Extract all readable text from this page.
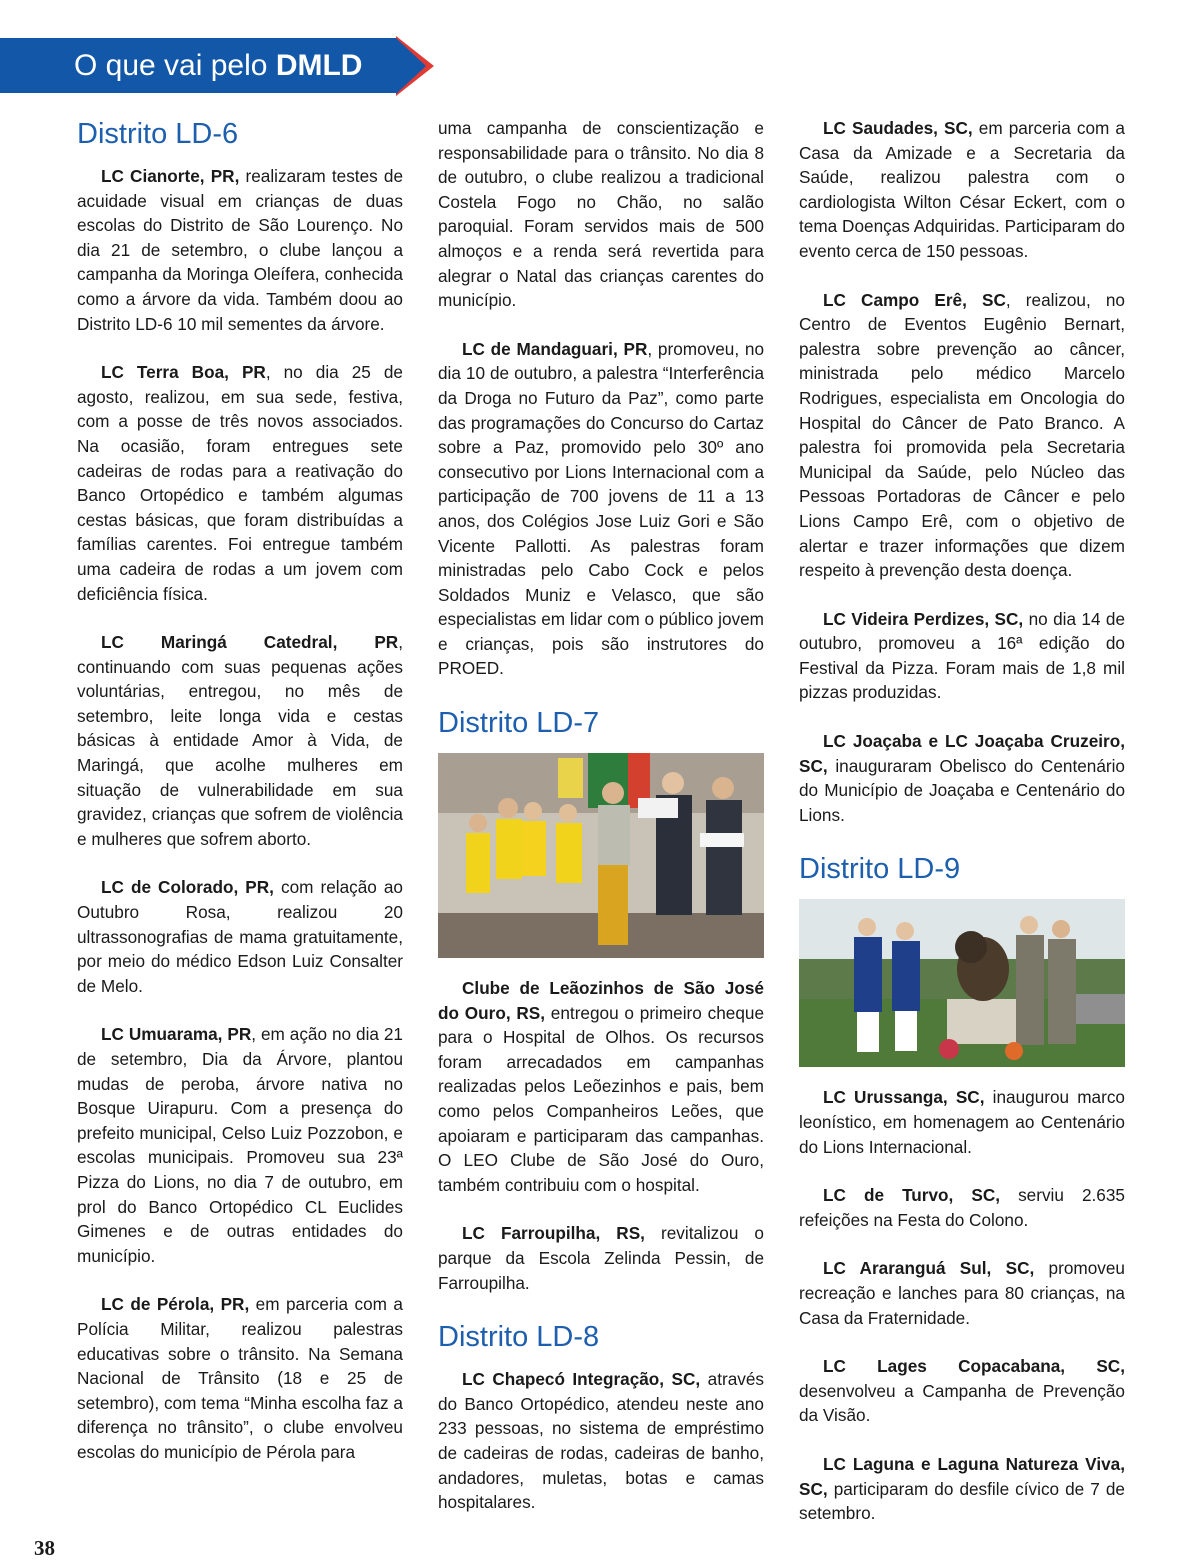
O que vai pelo DMLD
Distrito LD-6

LC Cianorte, PR, realizaram testes de acuidade visual em crianças de duas escolas do Distrito de São Lourenço. No dia 21 de setembro, o clube lançou a campanha da Moringa Oleífera, conhecida como a árvore da vida. Também doou ao Distrito LD-6 10 mil sementes da árvore.

LC Terra Boa, PR, no dia 25 de agosto, realizou, em sua sede, festiva, com a posse de três novos associados. Na ocasião, foram entregues sete cadeiras de rodas para a reativação do Banco Ortopédico e também algumas cestas básicas, que foram distribuídas a famílias carentes. Foi entregue também uma cadeira de rodas a um jovem com deficiência física.

LC Maringá Catedral, PR, continuando com suas pequenas ações voluntárias, entregou, no mês de setembro, leite longa vida e cestas básicas à entidade Amor à Vida, de Maringá, que acolhe mulheres em situação de vulnerabilidade em sua gravidez, crianças que sofrem de violência e mulheres que sofrem aborto.

LC de Colorado, PR, com relação ao Outubro Rosa, realizou 20 ultrassonografias de mama gratuitamente, por meio do médico Edson Luiz Consalter de Melo.

LC Umuarama, PR, em ação no dia 21 de setembro, Dia da Árvore, plantou mudas de peroba, árvore nativa no Bosque Uirapuru. Com a presença do prefeito municipal, Celso Luiz Pozzobon, e escolas municipais. Promoveu sua 23ª Pizza do Lions, no dia 7 de outubro, em prol do Banco Ortopédico CL Euclides Gimenes e de outras entidades do município.

LC de Pérola, PR, em parceria com a Polícia Militar, realizou palestras educativas sobre o trânsito. Na Semana Nacional de Trânsito (18 e 25 de setembro), com tema “Minha escolha faz a diferença no trânsito”, o clube envolveu escolas do município de Pérola para

uma campanha de conscientização e responsabilidade para o trânsito. No dia 8 de outubro, o clube realizou a tradicional Costela Fogo no Chão, no salão paroquial. Foram servidos mais de 500 almoços e a renda será revertida para alegrar o Natal das crianças carentes do município.

LC de Mandaguari, PR, promoveu, no dia 10 de outubro, a palestra “Interferência da Droga no Futuro da Paz”, como parte das programações do Concurso do Cartaz sobre a Paz, promovido pelo 30º ano consecutivo por Lions Internacional com a participação de 700 jovens de 11 a 13 anos, dos Colégios Jose Luiz Gori e São Vicente Pallotti. As palestras foram ministradas pelo Cabo Cock e pelos Soldados Muniz e Velasco, que são especialistas em lidar com o público jovem e crianças, pois são instrutores do PROED.

Distrito LD-7

Clube de Leãozinhos de São José do Ouro, RS, entregou o primeiro cheque para o Hospital de Olhos. Os recursos foram arrecadados em campanhas realizadas pelos Leõezinhos e pais, bem como pelos Companheiros Leões, que apoiaram e participaram das campanhas. O LEO Clube de São José do Ouro, também contribuiu com o hospital.

LC Farroupilha, RS, revitalizou o parque da Escola Zelinda Pessin, de Farroupilha.

Distrito LD-8

LC Chapecó Integração, SC, através do Banco Ortopédico, atendeu neste ano 233 pessoas, no sistema de empréstimo de cadeiras de rodas, cadeiras de banho, andadores, muletas, botas e camas hospitalares.

LC Saudades, SC, em parceria com a Casa da Amizade e a Secretaria da Saúde, realizou palestra com o cardiologista Wilton César Eckert, com o tema Doenças Adquiridas. Participaram do evento cerca de 150 pessoas.

LC Campo Erê, SC, realizou, no Centro de Eventos Eugênio Bernart, palestra sobre prevenção ao câncer, ministrada pelo médico Marcelo Rodrigues, especialista em Oncologia do Hospital do Câncer de Pato Branco. A palestra foi promovida pela Secretaria Municipal da Saúde, pelo Núcleo das Pessoas Portadoras de Câncer e pelo Lions Campo Erê, com o objetivo de alertar e trazer informações que dizem respeito à prevenção desta doença.

LC Videira Perdizes, SC, no dia 14 de outubro, promoveu a 16ª edição do Festival da Pizza. Foram mais de 1,8 mil pizzas produzidas.

LC Joaçaba e LC Joaçaba Cruzeiro, SC, inauguraram Obelisco do Centenário do Município de Joaçaba e Centenário do Lions.

Distrito LD-9

LC Urussanga, SC, inaugurou marco leonístico, em homenagem ao Centenário do Lions Internacional.

LC de Turvo, SC, serviu 2.635 refeições na Festa do Colono.

LC Araranguá Sul, SC, promoveu recreação e lanches para 80 crianças, na Casa da Fraternidade.

LC Lages Copacabana, SC, desenvolveu a Campanha de Prevenção da Visão.

LC Laguna e Laguna Natureza Viva, SC, participaram do desfile cívico de 7 de setembro.

38
